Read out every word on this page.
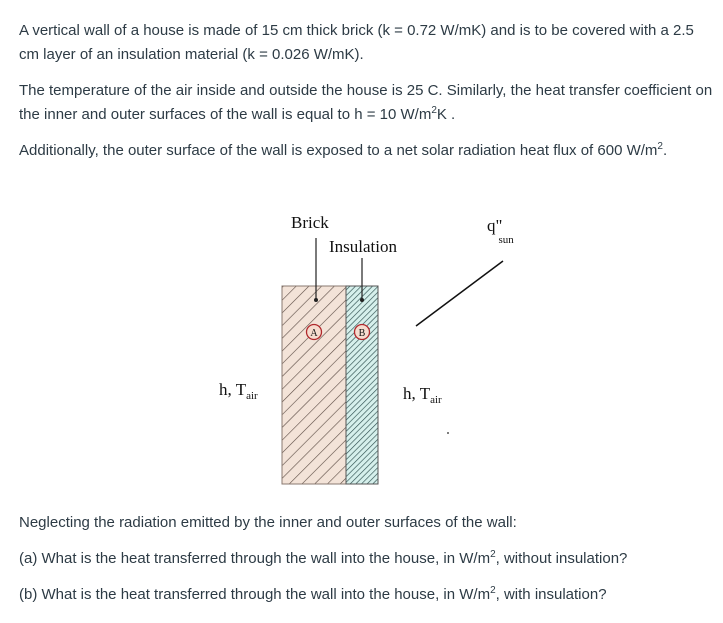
A vertical wall of a house is made of 15 cm thick brick (k = 0.72 W/mK) and is to be covered with a 2.5 cm layer of an insulation material (k = 0.026 W/mK).

The temperature of the air inside and outside the house is 25 C. Similarly, the heat transfer coefficient on the inner and outer surfaces of the wall is equal to h = 10 $W/m^2K$ .

Additionally, the outer surface of the wall is exposed to a net solar radiation heat flux of 600 $W/m^2$.

Brick
Insulation
A	B
h, $T_{air}$	h, $T_{air}$
q" sun

Neglecting the radiation emitted by the inner and outer surfaces of the wall:

(a) What is the heat transferred through the wall into the house, in $W/m^2$, without insulation?

(b) What is the heat transferred through the wall into the house, in $W/m^2$, with insulation?
